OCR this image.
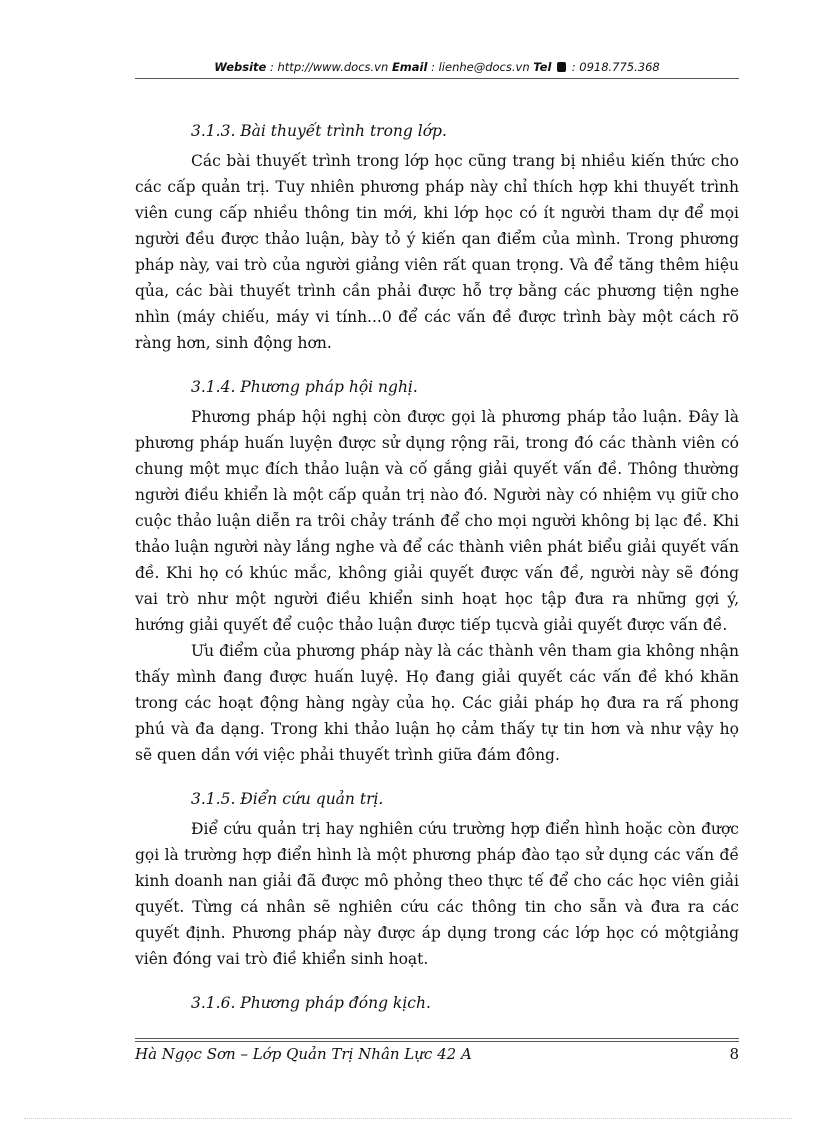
Website : http://www.docs.vn Email : lienhe@docs.vn Tel : 0918.775.368

3.1.3. Bài thuyết trình trong lớp.

Các bài thuyết trình trong lớp học cũng trang bị nhiều kiến thức cho các cấp quản trị. Tuy nhiên phương pháp này chỉ thích hợp khi thuyết trình viên cung cấp nhiều thông tin mới, khi lớp học có ít người tham dự để mọi người đều được thảo luận, bày tỏ ý kiến qan điểm của mình. Trong phương pháp này, vai trò của người giảng viên rất quan trọng. Và để tăng thêm hiệu qủa, các bài thuyết trình cần phải được hỗ trợ bằng các phương tiện nghe nhìn (máy chiếu, máy vi tính...0 để các vấn đề được trình bày một cách rõ ràng hơn, sinh động hơn.

3.1.4. Phương pháp hội nghị.

Phương pháp hội nghị còn được gọi là phương pháp tảo luận. Đây là phương pháp huấn luyện được sử dụng rộng rãi, trong đó các thành viên có chung một mục đích thảo luận và cố gắng giải quyết vấn đề. Thông thường người điều khiển là một cấp quản trị nào đó. Người này có nhiệm vụ giữ cho cuộc thảo luận diễn ra trôi chảy tránh để cho mọi người không bị lạc đề. Khi thảo luận người này lắng nghe và để các thành viên phát biểu giải quyết vấn đề. Khi họ có khúc mắc, không giải quyết được vấn đề, người này sẽ đóng vai trò như một người điều khiển sinh hoạt học tập đưa ra những gợi ý, hướng giải quyết để cuộc thảo luận được tiếp tụcvà giải quyết được vấn đề.

Ưu điểm của phương pháp này là các thành vên tham gia không nhận thấy mình đang được huấn luyệ. Họ đang giải quyết các vấn đề khó khăn trong các hoạt động hàng ngày của họ. Các giải pháp họ đưa ra rấ phong phú và đa dạng. Trong khi thảo luận họ cảm thấy tự tin hơn và như vậy họ sẽ quen dần với việc phải thuyết trình giữa đám đông.

3.1.5. Điển cứu quản trị.

Điể cứu quản trị hay nghiên cứu trường hợp điển hình hoặc còn được gọi là trường hợp điển hình là một phương pháp đào tạo sử dụng các vấn đề kinh doanh nan giải đã được mô phỏng theo thực tế để cho các học viên giải quyết. Từng cá nhân sẽ nghiên cứu các thông tin cho sẵn và đưa ra các quyết định. Phương pháp này được áp dụng trong các lớp học có mộtgiảng viên đóng vai trò điề khiển sinh hoạt.

3.1.6. Phương pháp đóng kịch.

Hà Ngọc Sơn – Lớp Quản Trị Nhân Lực 42 A	8
